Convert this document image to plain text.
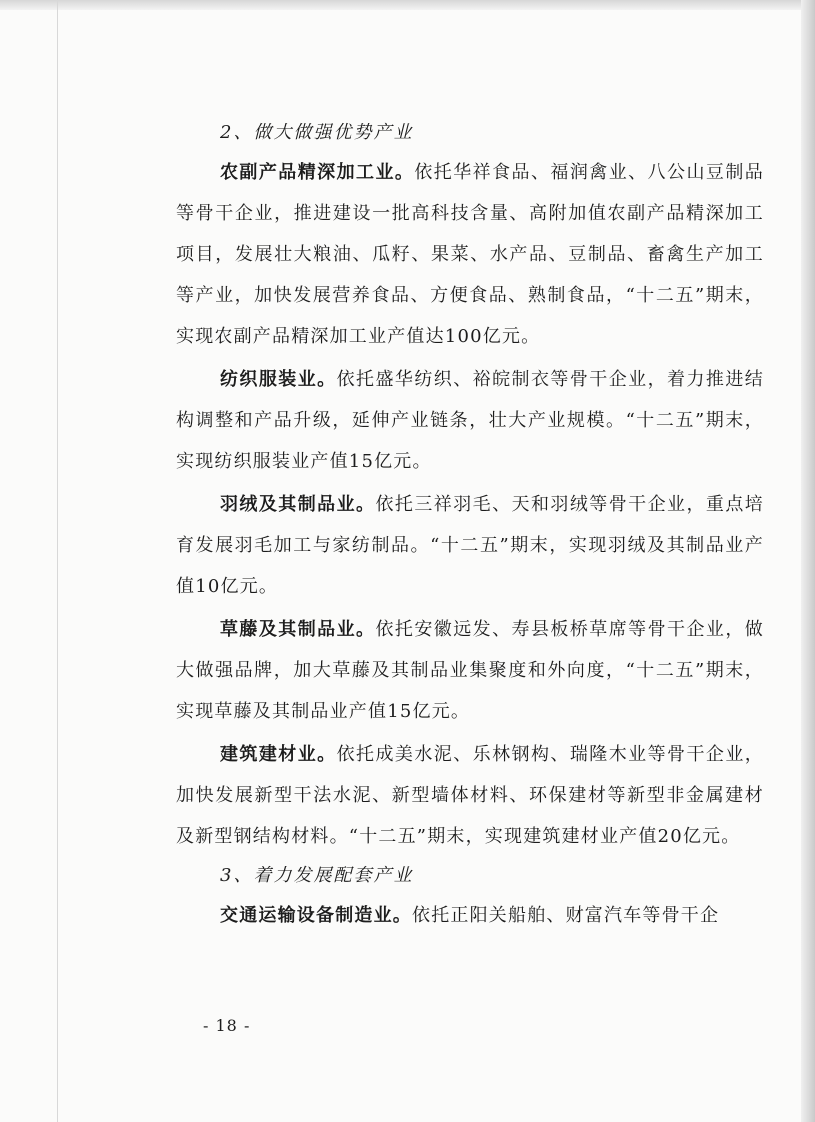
2、做大做强优势产业

农副产品精深加工业。依托华祥食品、福润禽业、八公山豆制品等骨干企业，推进建设一批高科技含量、高附加值农副产品精深加工项目，发展壮大粮油、瓜籽、果菜、水产品、豆制品、畜禽生产加工等产业，加快发展营养食品、方便食品、熟制食品，“十二五”期末，实现农副产品精深加工业产值达100亿元。

纺织服装业。依托盛华纺织、裕皖制衣等骨干企业，着力推进结构调整和产品升级，延伸产业链条，壮大产业规模。“十二五”期末，实现纺织服装业产值15亿元。

羽绒及其制品业。依托三祥羽毛、天和羽绒等骨干企业，重点培育发展羽毛加工与家纺制品。“十二五”期末，实现羽绒及其制品业产值10亿元。

草藤及其制品业。依托安徽远发、寿县板桥草席等骨干企业，做大做强品牌，加大草藤及其制品业集聚度和外向度，“十二五”期末，实现草藤及其制品业产值15亿元。

建筑建材业。依托成美水泥、乐林钢构、瑞隆木业等骨干企业，加快发展新型干法水泥、新型墙体材料、环保建材等新型非金属建材及新型钢结构材料。“十二五”期末，实现建筑建材业产值20亿元。

3、着力发展配套产业

交通运输设备制造业。依托正阳关船舶、财富汽车等骨干企

- 18 -
